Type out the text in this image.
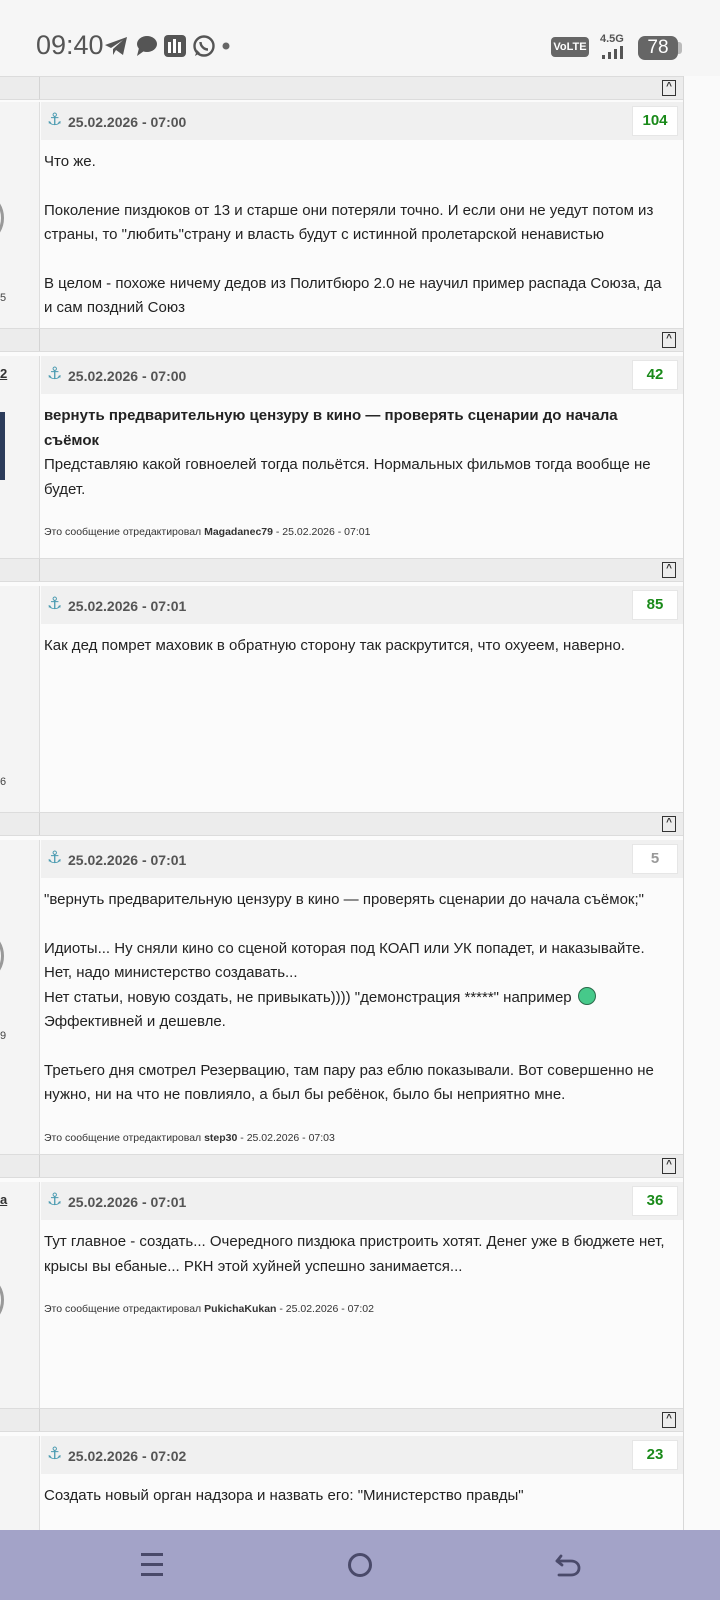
09:40	VoLTE
4.5G	78
^
5
⚓ 25.02.2026 - 07:00	104

Что же.

Поколение пиздюков от 13 и старше они потеряли точно. И если они не уедут потом из страны, то "любить"страну и власть будут с истинной пролетарской ненавистью

В целом - похоже ничему дедов из Политбюро 2.0 не научил пример распада Союза, да и сам поздний Союз

^
2 ⚓ 25.02.2026 - 07:00	42

вернуть предварительную цензуру в кино — проверять сценарии до начала съёмок

Представляю какой говноелей тогда польётся. Нормальных фильмов тогда вообще не будет.

Это сообщение отредактировал Magadanec79 - 25.02.2026 - 07:01
^
6
⚓ 25.02.2026 - 07:01	85

Как дед помрет маховик в обратную сторону так раскрутится, что охуеем, наверно.

^
9
⚓ 25.02.2026 - 07:01	5

"вернуть предварительную цензуру в кино — проверять сценарии до начала съёмок;"

Идиоты... Ну сняли кино со сценой которая под КОАП или УК попадет, и наказывайте. Нет, надо министерство создавать...

Нет статьи, новую создать, не привыкать)))) "демонстрация *****" например

Эффективней и дешевле.

Третьего дня смотрел Резервацию, там пару раз еблю показывали. Вот совершенно не нужно, ни на что не повлияло, а был бы ребёнок, было бы неприятно мне.

Это сообщение отредактировал step30 - 25.02.2026 - 07:03
^
a ⚓ 25.02.2026 - 07:01	36

Тут главное - создать... Очередного пиздюка пристроить хотят. Денег уже в бюджете нет, крысы вы ебаные... РКН этой хуйней успешно занимается...

Это сообщение отредактировал PukichaKukan - 25.02.2026 - 07:02
^
⚓ 25.02.2026 - 07:02	23

Создать новый орган надзора и назвать его: "Министерство правды"
